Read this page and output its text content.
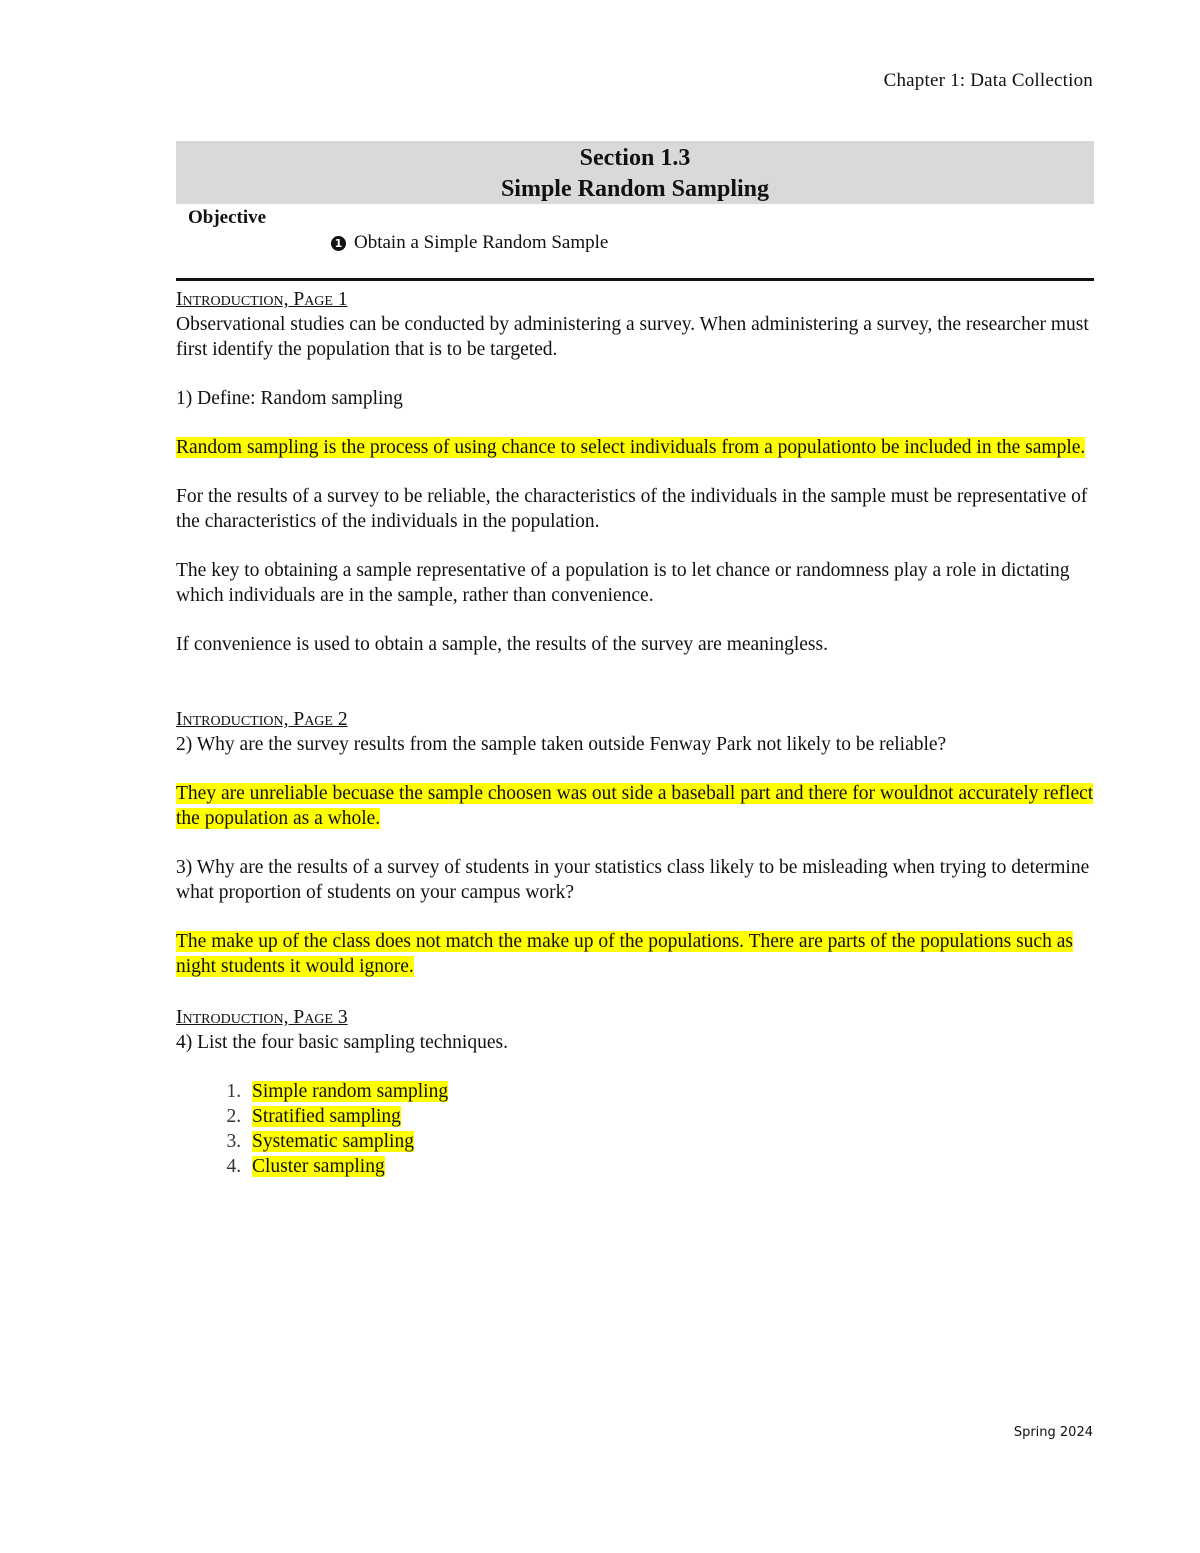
Chapter 1: Data Collection
Section 1.3
Simple Random Sampling
Objective
1 Obtain a Simple Random Sample

Introduction, Page 1

Observational studies can be conducted by administering a survey. When administering a survey, the researcher must first identify the population that is to be targeted.

1) Define: Random sampling

Random sampling is the process of using chance to select individuals from a populationto be included in the sample.

For the results of a survey to be reliable, the characteristics of the individuals in the sample must be representative of the characteristics of the individuals in the population.

The key to obtaining a sample representative of a population is to let chance or randomness play a role in dictating which individuals are in the sample, rather than convenience.

If convenience is used to obtain a sample, the results of the survey are meaningless.

Introduction, Page 2

2) Why are the survey results from the sample taken outside Fenway Park not likely to be reliable?

They are unreliable becuase the sample choosen was out side a baseball part and there for wouldnot accurately reflect the population as a whole.

3) Why are the results of a survey of students in your statistics class likely to be misleading when trying to determine what proportion of students on your campus work?

The make up of the class does not match the make up of the populations. There are parts of the populations such as night students it would ignore.

Introduction, Page 3

4) List the four basic sampling techniques.

1. Simple random sampling
2. Stratified sampling
3. Systematic sampling
4. Cluster sampling
Spring 2024
